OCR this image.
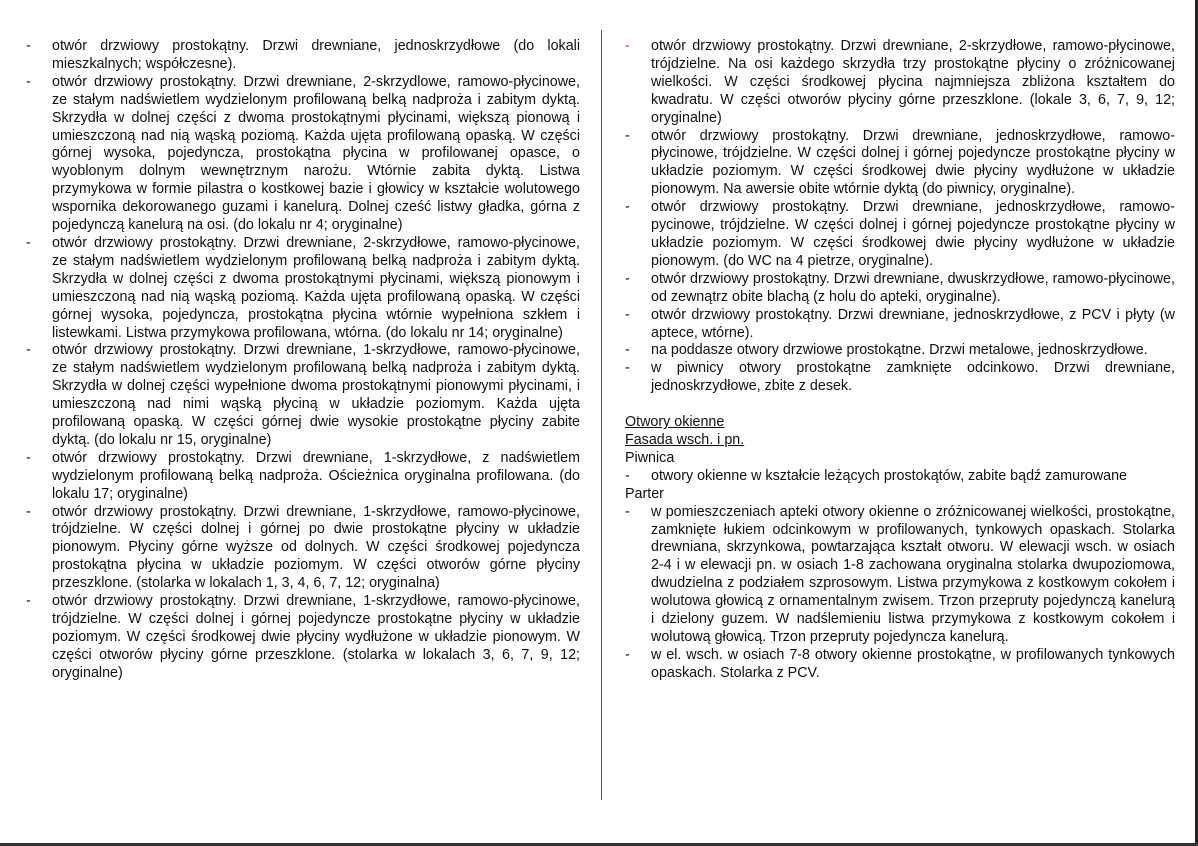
-	otwór drzwiowy prostokątny. Drzwi drewniane, jednoskrzydłowe (do lokali mieszkalnych; współczesne).
-	otwór drzwiowy prostokątny. Drzwi drewniane, 2-skrzydlowe, ramowo-płycinowe, ze stałym nadświetlem wydzielonym profilowaną belką nadproża i zabitym dyktą. Skrzydła w dolnej części z dwoma prostokątnymi płycinami, większą pionową i umieszczoną nad nią wąską poziomą. Każda ujęta profilowaną opaską. W części górnej wysoka, pojedyncza, prostokątna płycina w profilowanej opasce, o wyoblonym dolnym wewnętrznym narożu. Wtórnie zabita dyktą. Listwa przymykowa w formie pilastra o kostkowej bazie i głowicy w kształcie wolutowego wspornika dekorowanego guzami i kanelurą. Dolnej cześć listwy gładka, górna z pojedynczą kanelurą na osi. (do lokalu nr 4; oryginalne)
-	otwór drzwiowy prostokątny. Drzwi drewniane, 2-skrzydłowe, ramowo-płycinowe, ze stałym nadświetlem wydzielonym profilowaną belką nadproża i zabitym dyktą. Skrzydła w dolnej części z dwoma prostokątnymi płycinami, większą pionowym i umieszczoną nad nią wąską poziomą. Każda ujęta profilowaną opaską. W części górnej wysoka, pojedyncza, prostokątna płycina wtórnie wypełniona szkłem i listewkami. Listwa przymykowa profilowana, wtórna. (do lokalu nr 14; oryginalne)
-	otwór drzwiowy prostokątny. Drzwi drewniane, 1-skrzydłowe, ramowo-płycinowe, ze stałym nadświetlem wydzielonym profilowaną belką nadproża i zabitym dyktą. Skrzydła w dolnej części wypełnione dwoma prostokątnymi pionowymi płycinami, i umieszczoną nad nimi wąską płyciną w układzie poziomym. Każda ujęta profilowaną opaską. W części górnej dwie wysokie prostokątne płyciny zabite dyktą. (do lokalu nr 15, oryginalne)
-	otwór drzwiowy prostokątny. Drzwi drewniane, 1-skrzydłowe, z nadświetlem wydzielonym profilowaną belką nadprożа. Ościeżnica oryginalna profilowana. (do lokalu 17; oryginalne)
-	otwór drzwiowy prostokątny. Drzwi drewniane, 1-skrzydłowe, ramowo-płycinowe, trójdzielne. W części dolnej i górnej po dwie prostokątne płyciny w układzie pionowym. Płyciny górne wyższe od dolnych. W części środkowej pojedyncza prostokątna płycina w układzie poziomym. W części otworów górne płyciny przeszklone. (stolarka w lokalach 1, 3, 4, 6, 7, 12; oryginalna)
-	otwór drzwiowy prostokątny. Drzwi drewniane, 1-skrzydłowe, ramowo-płycinowe, trójdzielne. W części dolnej i górnej pojedyncze prostokątne płyciny w układzie poziomym. W części środkowej dwie płyciny wydłużone w układzie pionowym. W części otworów płyciny górne przeszklone. (stolarka w lokalach 3, 6, 7, 9, 12; oryginalne)
-	otwór drzwiowy prostokątny. Drzwi drewniane, 2-skrzydłowe, ramowo-płycinowe, trójdzielne. Na osi każdego skrzydła trzy prostokątne płyciny o zróżnicowanej wielkości. W części środkowej płycina najmniejsza zbliżona kształtem do kwadratu. W części otworów płyciny górne przeszklone. (lokale 3, 6, 7, 9, 12; oryginalne)
-	otwór drzwiowy prostokątny. Drzwi drewniane, jednoskrzydłowe, ramowo-płycinowe, trójdzielne. W części dolnej i górnej pojedyncze prostokątne płyciny w układzie poziomym. W części środkowej dwie płyciny wydłużone w układzie pionowym. Na awersie obite wtórnie dyktą (do piwnicy, oryginalne).
-	otwór drzwiowy prostokątny. Drzwi drewniane, jednoskrzydłowe, ramowo-pycinowe, trójdzielne. W części dolnej i górnej pojedyncze prostokątne płyciny w układzie poziomym. W części środkowej dwie płyciny wydłużone w układzie pionowym. (do WC na 4 pietrze, oryginalne).
-	otwór drzwiowy prostokątny. Drzwi drewniane, dwuskrzydłowe, ramowo-płycinowe, od zewnątrz obite blachą (z holu do apteki, oryginalne).
-	otwór drzwiowy prostokątny. Drzwi drewniane, jednoskrzydłowe, z PCV i płyty (w aptece, wtórne).
-	na poddasze otwory drzwiowe prostokątne. Drzwi metalowe, jednoskrzydłowe.
-	w piwnicy otwory prostokątne zamknięte odcinkowo. Drzwi drewniane, jednoskrzydłowe, zbite z desek.

Otwory okienne

Fasada wsch. i pn.

Piwnica

-	otwory okienne w kształcie leżących prostokątów, zabite bądź zamurowane

Parter

-	w pomieszczeniach apteki otwory okienne o zróżnicowanej wielkości, prostokątne, zamknięte łukiem odcinkowym w profilowanych, tynkowych opaskach. Stolarka drewniana, skrzynkowa, powtarzająca kształt otworu. W elewacji wsch. w osiach 2-4 i w elewacji pn. w osiach 1-8 zachowana oryginalna stolarka dwupoziomowa, dwudzielna z podziałem szprosowym. Listwa przymykowa z kostkowym cokołem i wolutowa głowicą z ornamentalnym zwisem. Trzon przepruty pojedynczą kanelurą i dzielony guzem. W nadślemieniu listwa przymykowa z kostkowym cokołem i wolutową głowicą. Trzon przepruty pojedyncza kanelurą.
-	w el. wsch. w osiach 7-8 otwory okienne prostokątne, w profilowanych tynkowych opaskach. Stolarka z PCV.
